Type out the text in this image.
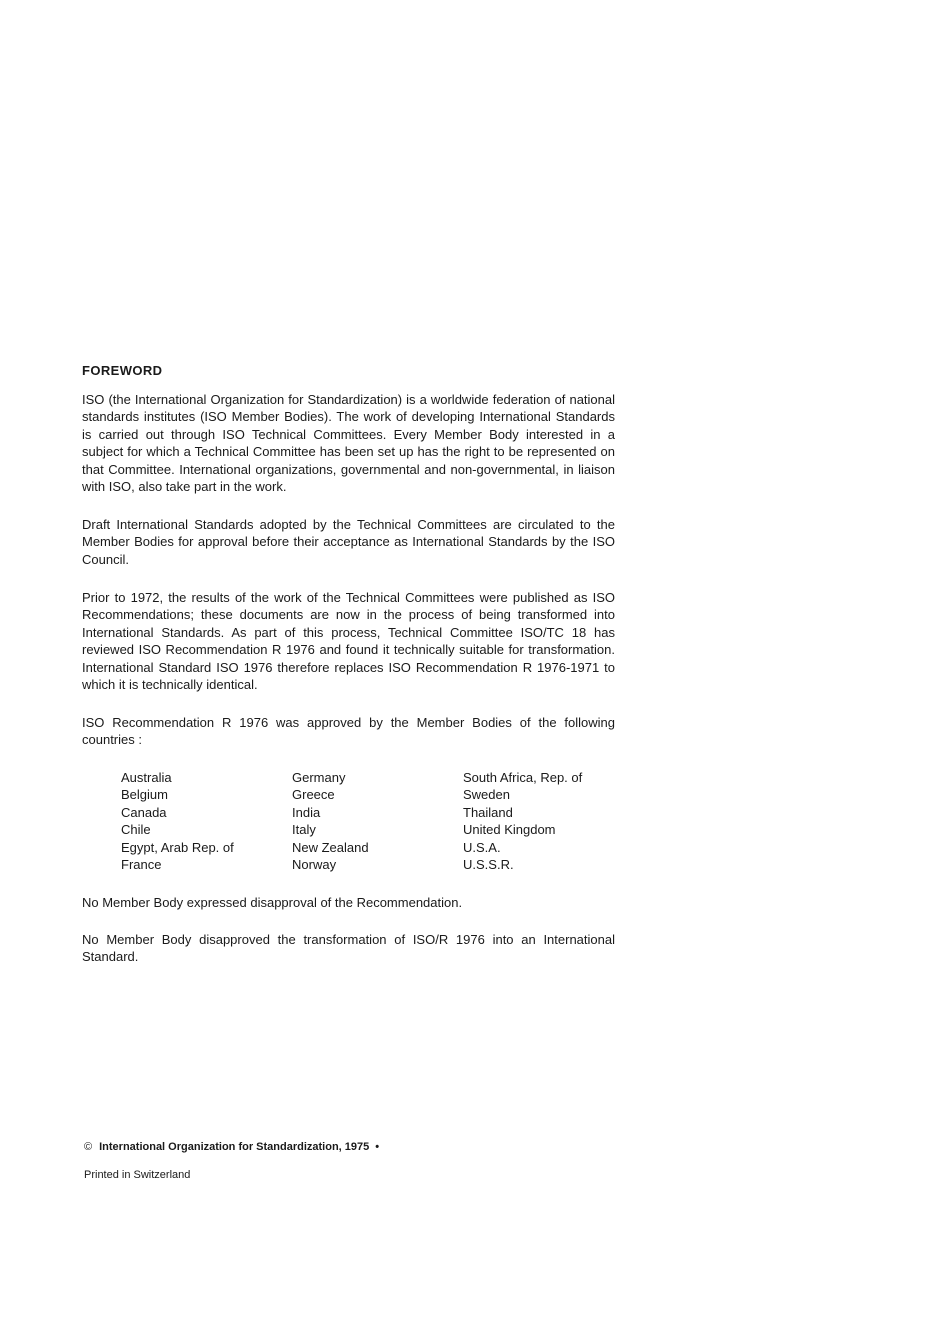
FOREWORD

ISO (the International Organization for Standardization) is a worldwide federation of national standards institutes (ISO Member Bodies). The work of developing International Standards is carried out through ISO Technical Committees. Every Member Body interested in a subject for which a Technical Committee has been set up has the right to be represented on that Committee. International organizations, governmental and non-governmental, in liaison with ISO, also take part in the work.

Draft International Standards adopted by the Technical Committees are circulated to the Member Bodies for approval before their acceptance as International Standards by the ISO Council.

Prior to 1972, the results of the work of the Technical Committees were published as ISO Recommendations; these documents are now in the process of being transformed into International Standards. As part of this process, Technical Committee ISO/TC 18 has reviewed ISO Recommendation R 1976 and found it technically suitable for transformation. International Standard ISO 1976 therefore replaces ISO Recommendation R 1976-1971 to which it is technically identical.

ISO Recommendation R 1976 was approved by the Member Bodies of the following countries :

Australia
Belgium
Canada
Chile
Egypt, Arab Rep. of
France
Germany
Greece
India
Italy
New Zealand
Norway
South Africa, Rep. of
Sweden
Thailand
United Kingdom
U.S.A.
U.S.S.R.

No Member Body expressed disapproval of the Recommendation.

No Member Body disapproved the transformation of ISO/R 1976 into an International Standard.

© International Organization for Standardization, 1975 •
Printed in Switzerland
